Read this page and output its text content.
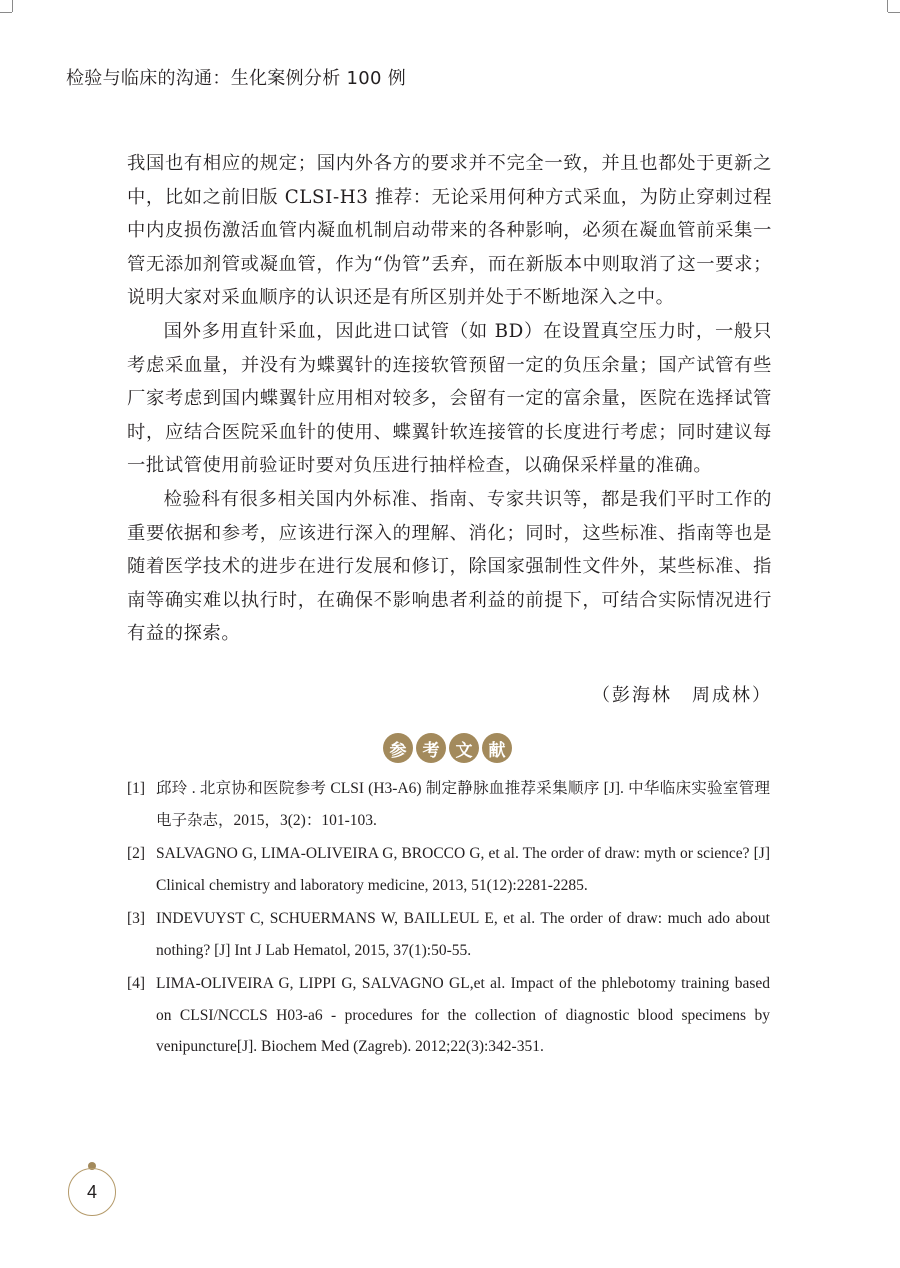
检验与临床的沟通：生化案例分析 100 例

我国也有相应的规定；国内外各方的要求并不完全一致，并且也都处于更新之中，比如之前旧版 CLSI-H3 推荐：无论采用何种方式采血，为防止穿刺过程中内皮损伤激活血管内凝血机制启动带来的各种影响，必须在凝血管前采集一管无添加剂管或凝血管，作为“伪管”丢弃，而在新版本中则取消了这一要求；说明大家对采血顺序的认识还是有所区别并处于不断地深入之中。

国外多用直针采血，因此进口试管（如 BD）在设置真空压力时，一般只考虑采血量，并没有为蝶翼针的连接软管预留一定的负压余量；国产试管有些厂家考虑到国内蝶翼针应用相对较多，会留有一定的富余量，医院在选择试管时，应结合医院采血针的使用、蝶翼针软连接管的长度进行考虑；同时建议每一批试管使用前验证时要对负压进行抽样检查，以确保采样量的准确。

检验科有很多相关国内外标准、指南、专家共识等，都是我们平时工作的重要依据和参考，应该进行深入的理解、消化；同时，这些标准、指南等也是随着医学技术的进步在进行发展和修订，除国家强制性文件外，某些标准、指南等确实难以执行时，在确保不影响患者利益的前提下，可结合实际情况进行有益的探索。

（彭海林　周成林）
参 考 文 献
[1] 邱玲 . 北京协和医院参考 CLSI (H3-A6) 制定静脉血推荐采集顺序 [J]. 中华临床实验室管理电子杂志，2015，3(2)：101-103.
[2] SALVAGNO G, LIMA-OLIVEIRA G, BROCCO G, et al. The order of draw: myth or science? [J] Clinical chemistry and laboratory medicine, 2013, 51(12):2281-2285.
[3] INDEVUYST C, SCHUERMANS W, BAILLEUL E, et al. The order of draw: much ado about nothing? [J] Int J Lab Hematol, 2015, 37(1):50-55.
[4] LIMA-OLIVEIRA G, LIPPI G, SALVAGNO GL,et al. Impact of the phlebotomy training based on CLSI/NCCLS H03-a6 - procedures for the collection of diagnostic blood specimens by venipuncture[J]. Biochem Med (Zagreb). 2012;22(3):342-351.
4
